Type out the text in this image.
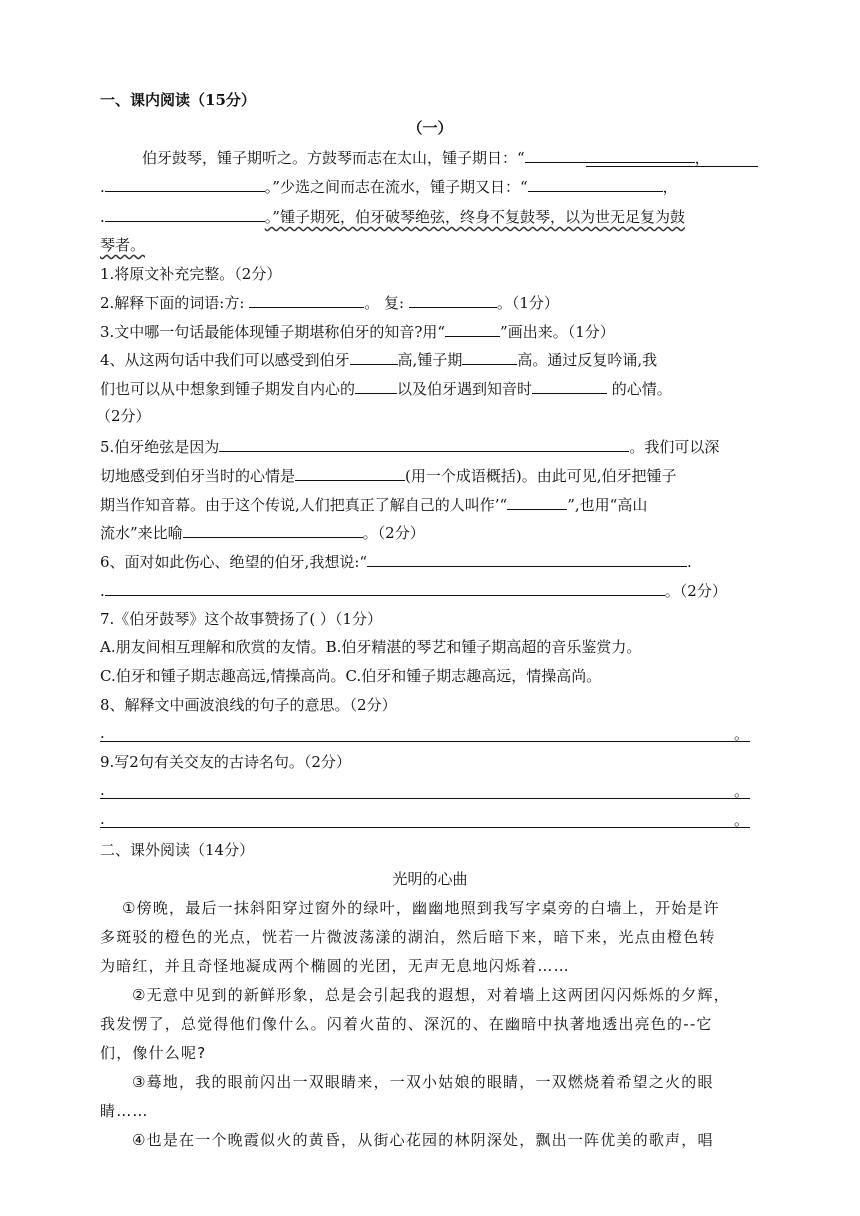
一、课内阅读（15分）
（一）
伯牙鼓琴，锺子期听之。方鼓琴而志在太山，锺子期日：“	，
.	。”少选之间而志在流水，锺子期又日：“	，
.	。”锺子期死，伯牙破琴绝弦，终身不复鼓琴，以为世无足复为鼓
琴者。
1.将原文补充完整。（2分）
2.解释下面的词语:方:	。 复:	。（1分）
3.文中哪一句话最能体现锺子期堪称伯牙的知音?用“	”画出来。（1分）
4、从这两句话中我们可以感受到伯牙	高,锺子期	高。通过反复吟诵,我
们也可以从中想象到锺子期发自内心的	以及伯牙遇到知音时	的心情。
（2分）
5.伯牙绝弦是因为	。我们可以深
切地感受到伯牙当时的心情是	(用一个成语概括)。由此可见,伯牙把锺子
期当作知音幕。由于这个传说,人们把真正了解自己的人叫作’“	”,也用“高山
流水”来比喻	。（2分）
6、面对如此伤心、绝望的伯牙,我想说:“	.
.	。（2分）
7.《伯牙鼓琴》这个故事赞扬了( ）（1分）
A.朋友间相互理解和欣赏的友情。B.伯牙精湛的琴艺和锺子期高超的音乐鉴赏力。
C.伯牙和锺子期志趣高远,情操高尚。C.伯牙和锺子期志趣高远，情操高尚。
8、解释文中画波浪线的句子的意思。（2分）
.	。
9.写2句有关交友的古诗名句。（2分）
.	。
.	。
二、课外阅读（14分）
光明的心曲
①傍晚，最后一抹斜阳穿过窗外的绿叶，幽幽地照到我写字桌旁的白墙上，开始是许
多斑驳的橙色的光点，恍若一片微波荡漾的湖泊，然后暗下来，暗下来，光点由橙色转
为暗红，并且奇怪地凝成两个椭圆的光团，无声无息地闪烁着……
②无意中见到的新鲜形象，总是会引起我的遐想，对着墙上这两团闪闪烁烁的夕辉，
我发愣了，总觉得他们像什么。闪着火苗的、深沉的、在幽暗中执著地透出亮色的--它
们，像什么呢?
③蓦地，我的眼前闪出一双眼睛来，一双小姑娘的眼睛，一双燃烧着希望之火的眼
睛……
④也是在一个晚霞似火的黄昏，从街心花园的林阴深处，飘出一阵优美的歌声，唱
